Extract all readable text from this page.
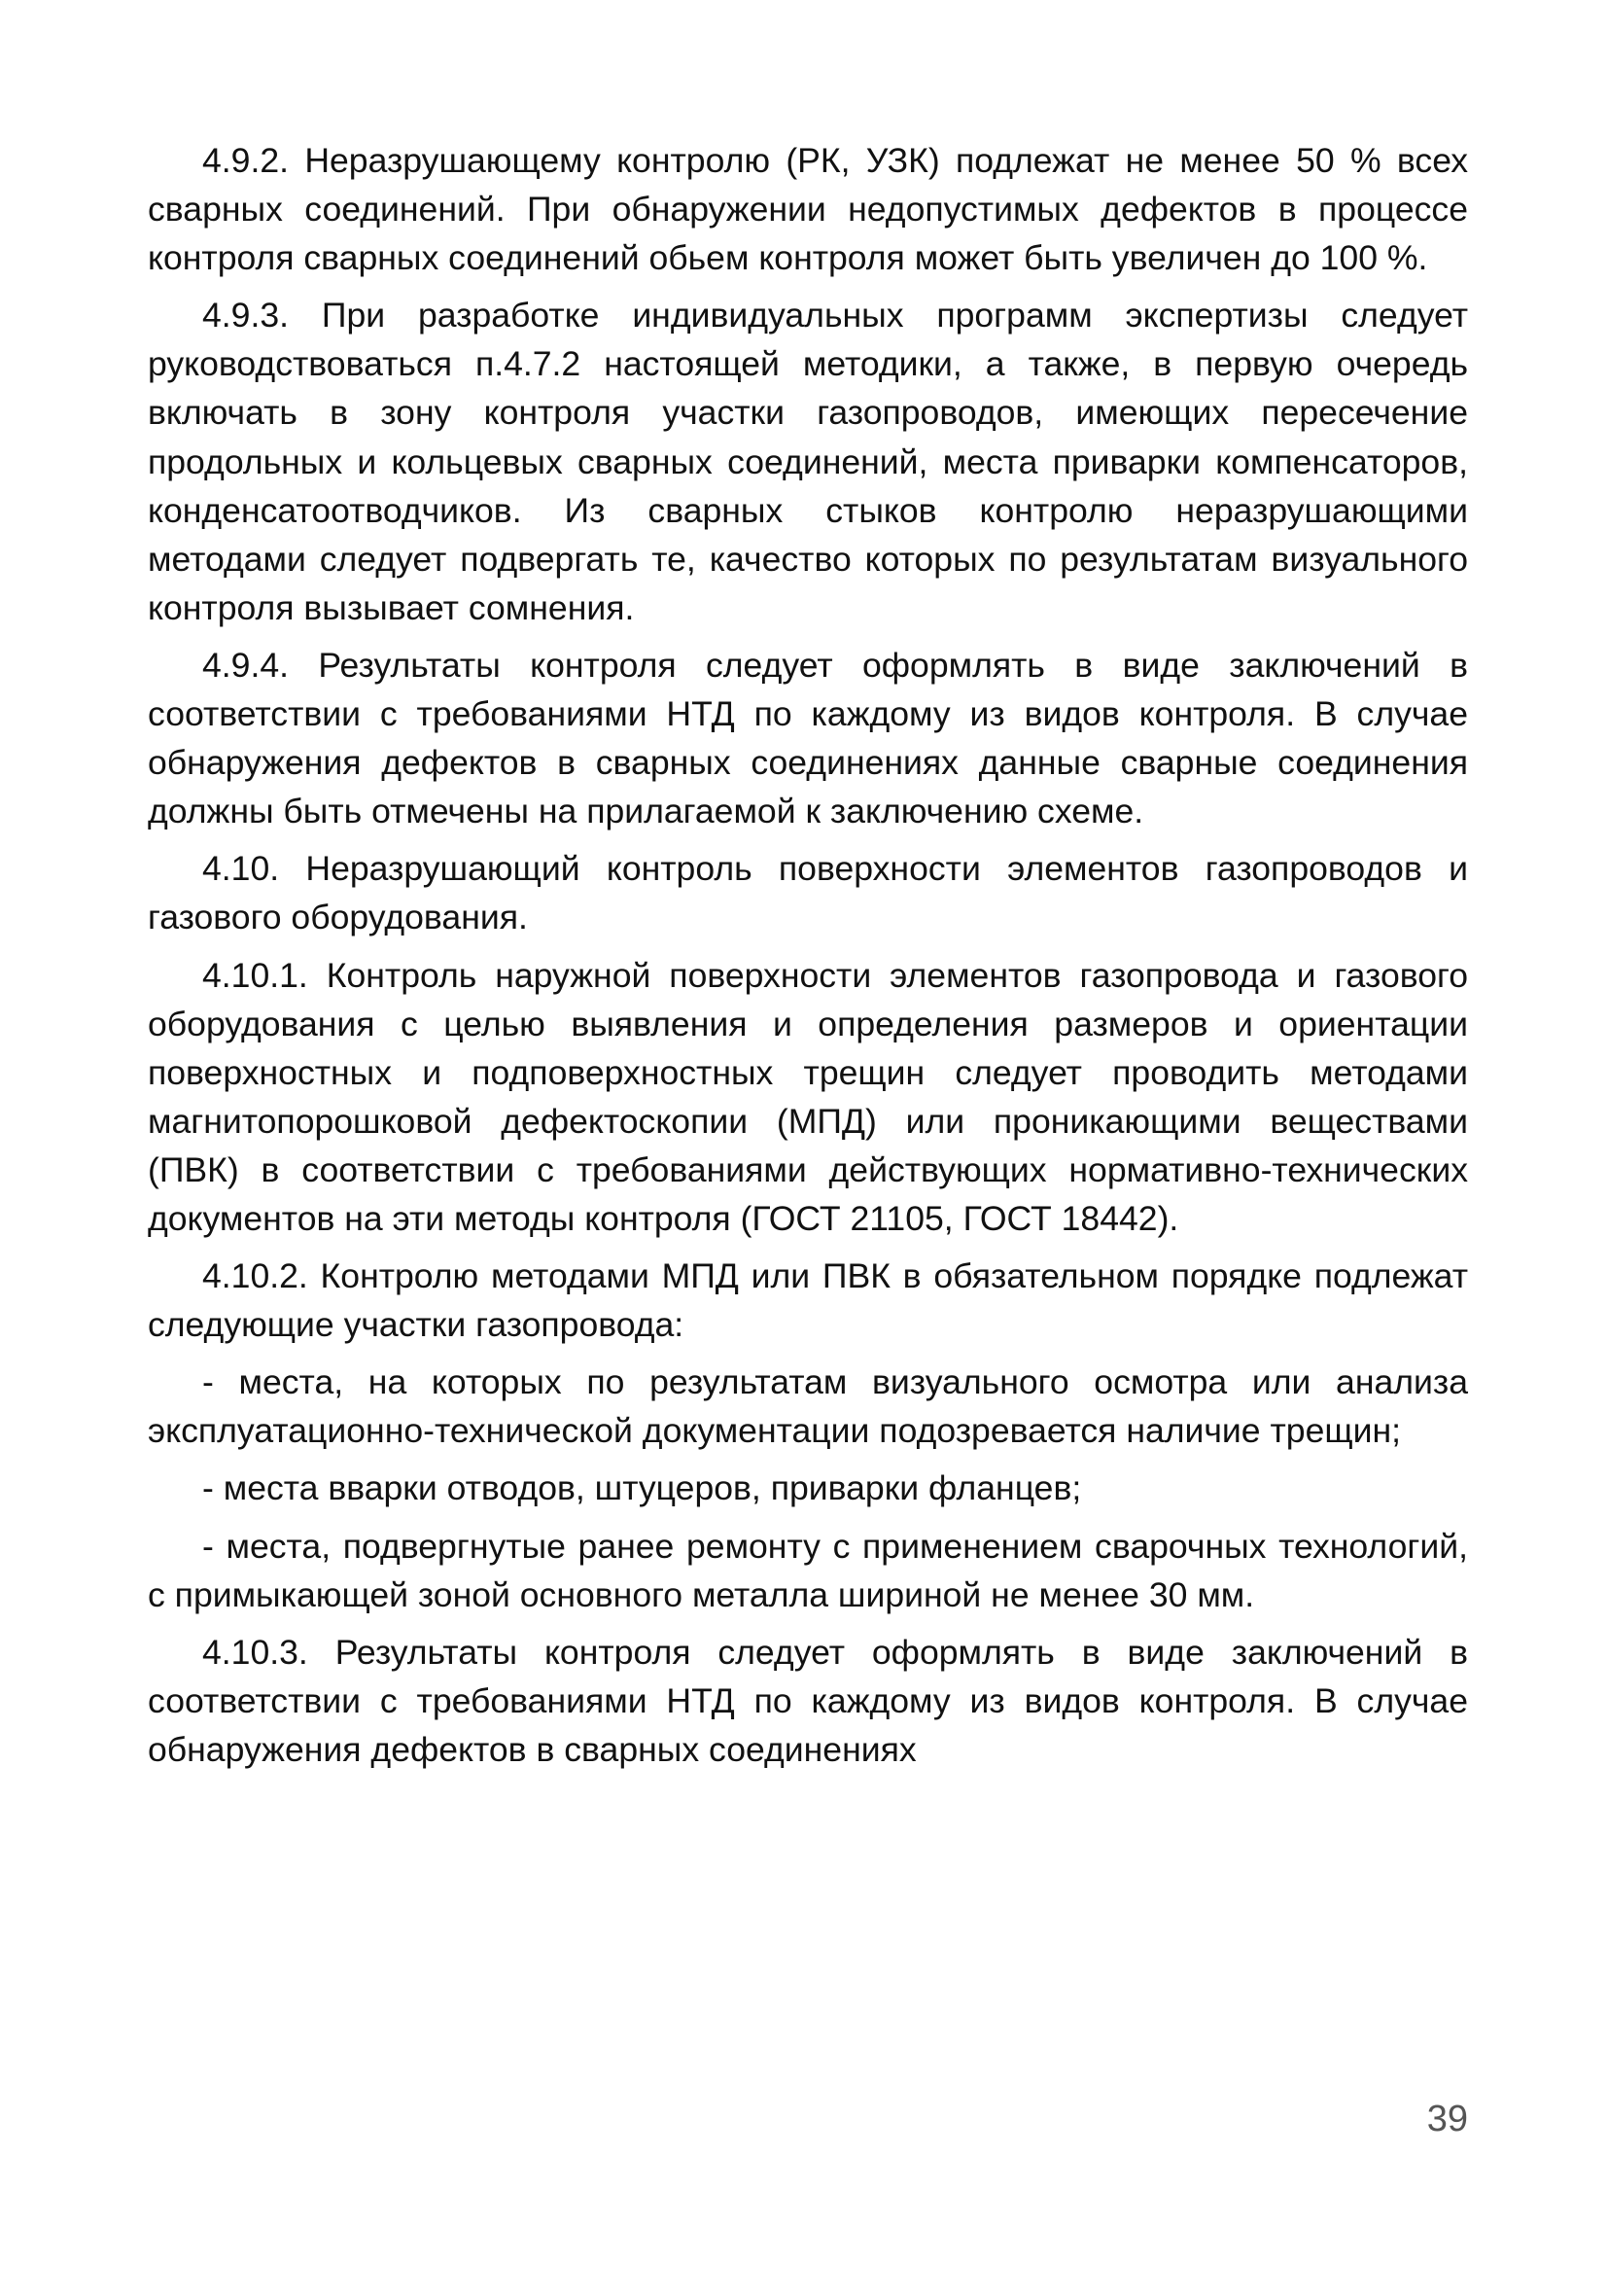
4.9.2. Неразрушающему контролю (РК, УЗК) подлежат не менее 50 % всех сварных соединений. При обнаружении недопустимых дефектов в процессе контроля сварных соединений обьем контроля может быть увеличен до 100 %.

4.9.3. При разработке индивидуальных программ экспертизы следует руководствоваться п.4.7.2 настоящей методики, а также, в первую очередь включать в зону контроля участки газопроводов, имеющих пересечение продольных и кольцевых сварных соединений, места приварки компенсаторов, конденсатоотводчиков. Из сварных стыков контролю неразрушающими методами следует подвергать те, качество которых по результатам визуального контроля вызывает сомнения.

4.9.4. Результаты контроля следует оформлять в виде заключений в соответствии с требованиями НТД по каждому из видов контроля. В случае обнаружения дефектов в сварных соединениях данные сварные соединения должны быть отмечены на прилагаемой к заключению схеме.

4.10. Неразрушающий контроль поверхности элементов газопроводов и газового оборудования.

4.10.1. Контроль наружной поверхности элементов газопровода и газового оборудования с целью выявления и определения размеров и ориентации поверхностных и подповерхностных трещин следует проводить методами магнитопорошковой дефектоскопии (МПД) или проникающими веществами (ПВК) в соответствии с требованиями действующих нормативно-технических документов на эти методы контроля (ГОСТ 21105, ГОСТ 18442).

4.10.2. Контролю методами МПД или ПВК в обязательном порядке подлежат следующие участки газопровода:

- места, на которых по результатам визуального осмотра или анализа эксплуатационно-технической документации подозревается наличие трещин;

- места вварки отводов, штуцеров, приварки фланцев;

- места, подвергнутые ранее ремонту с применением сварочных технологий, с примыкающей зоной основного металла шириной не менее 30 мм.

4.10.3. Результаты контроля следует оформлять в виде заключений в соответствии с требованиями НТД по каждому из видов контроля. В случае обнаружения дефектов в сварных соединениях

39
